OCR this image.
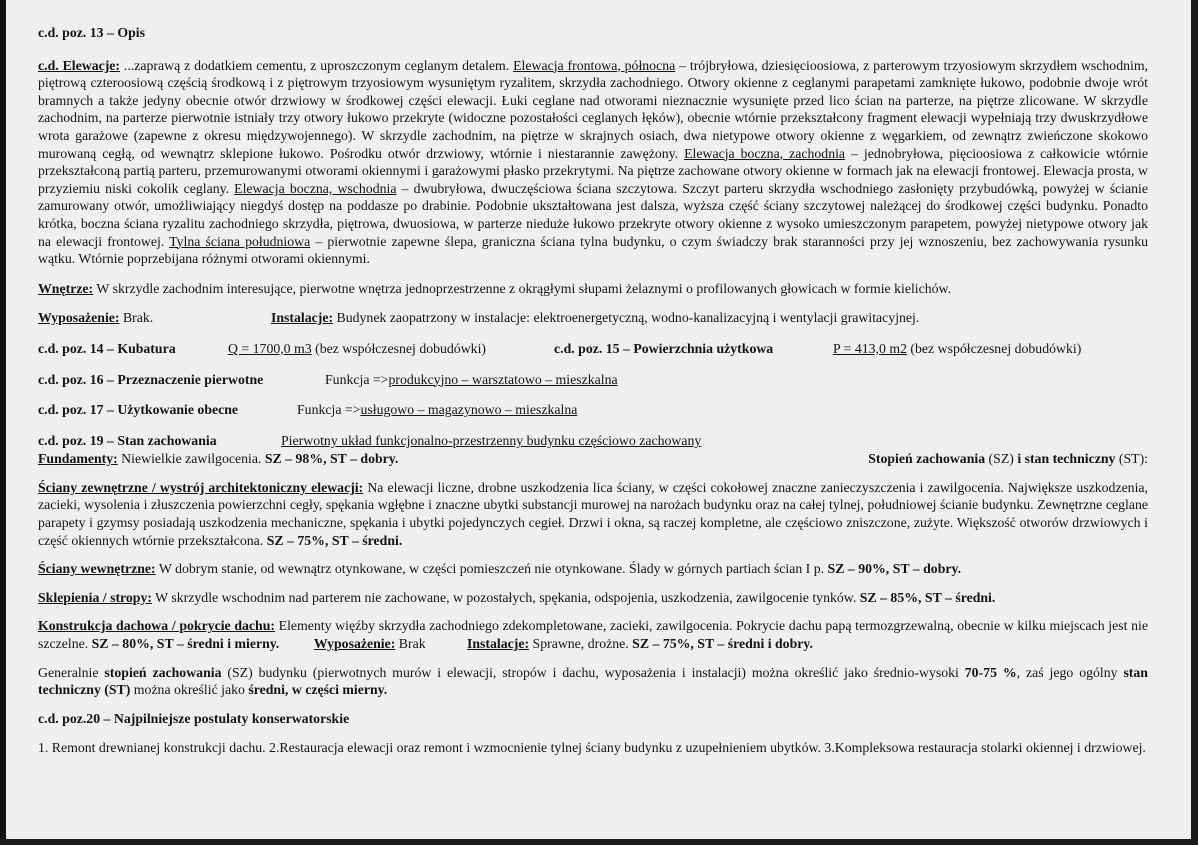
c.d. poz. 13 – Opis

c.d. Elewacje: ...zaprawą z dodatkiem cementu, z uproszczonym ceglanym detalem. Elewacja frontowa, północna – trójbryłowa, dziesięcioosiowa, z parterowym trzyosiowym skrzydłem wschodnim, piętrową czteroosiową częścią środkową i z piętrowym trzyosiowym wysuniętym ryzalitem, skrzydła zachodniego. Otwory okienne z ceglanymi parapetami zamknięte łukowo, podobnie dwoje wrót bramnych a także jedyny obecnie otwór drzwiowy w środkowej części elewacji. Łuki ceglane nad otworami nieznacznie wysunięte przed lico ścian na parterze, na piętrze zlicowane. W skrzydle zachodnim, na parterze pierwotnie istniały trzy otwory łukowo przekryte (widoczne pozostałości ceglanych łęków), obecnie wtórnie przekształcony fragment elewacji wypełniają trzy dwuskrzydłowe wrota garażowe (zapewne z okresu międzywojennego). W skrzydle zachodnim, na piętrze w skrajnych osiach, dwa nietypowe otwory okienne z węgarkiem, od zewnątrz zwieńczone skokowo murowaną cegłą, od wewnątrz sklepione łukowo. Pośrodku otwór drzwiowy, wtórnie i niestarannie zawężony. Elewacja boczna, zachodnia – jednobryłowa, pięcioosiowa z całkowicie wtórnie przekształconą partią parteru, przemurowanymi otworami okiennymi i garażowymi płasko przekrytymi. Na piętrze zachowane otwory okienne w formach jak na elewacji frontowej. Elewacja prosta, w przyziemiu niski cokolik ceglany. Elewacja boczna, wschodnia – dwubryłowa, dwuczęściowa ściana szczytowa. Szczyt parteru skrzydła wschodniego zasłonięty przybudówką, powyżej w ścianie zamurowany otwór, umożliwiający niegdyś dostęp na poddasze po drabinie. Podobnie ukształtowana jest dalsza, wyższa część ściany szczytowej należącej do środkowej części budynku. Ponadto krótka, boczna ściana ryzalitu zachodniego skrzydła, piętrowa, dwuosiowa, w parterze nieduże łukowo przekryte otwory okienne z wysoko umieszczonym parapetem, powyżej nietypowe otwory jak na elewacji frontowej. Tylna ściana południowa – pierwotnie zapewne ślepa, graniczna ściana tylna budynku, o czym świadczy brak staranności przy jej wznoszeniu, bez zachowywania rysunku wątku. Wtórnie poprzebijana różnymi otworami okiennymi.

Wnętrze: W skrzydle zachodnim interesujące, pierwotne wnętrza jednoprzestrzenne z okrągłymi słupami żelaznymi o profilowanych głowicach w formie kielichów.

Wyposażenie: Brak.	Instalacje: Budynek zaopatrzony w instalacje: elektroenergetyczną, wodno-kanalizacyjną i wentylacji grawitacyjnej.
c.d. poz. 14 – Kubatura	Q = 1700,0 m3 (bez współczesnej dobudówki)	c.d. poz. 15 – Powierzchnia użytkowa	P = 413,0 m2 (bez współczesnej dobudówki)
c.d. poz. 16 – Przeznaczenie pierwotne	Funkcja => produkcyjno – warsztatowo – mieszkalna
c.d. poz. 17 – Użytkowanie obecne	Funkcja => usługowo – magazynowo – mieszkalna
c.d. poz. 19 – Stan zachowania	Pierwotny układ funkcjonalno-przestrzenny budynku częściowo zachowany
Fundamenty: Niewielkie zawilgocenia. SZ – 98%, ST – dobry.	Stopień zachowania (SZ) i stan techniczny (ST):

Ściany zewnętrzne / wystrój architektoniczny elewacji: Na elewacji liczne, drobne uszkodzenia lica ściany, w części cokołowej znaczne zanieczyszczenia i zawilgocenia. Największe uszkodzenia, zacieki, wysolenia i złuszczenia powierzchni cegły, spękania wgłębne i znaczne ubytki substancji murowej na narożach budynku oraz na całej tylnej, południowej ścianie budynku. Zewnętrzne ceglane parapety i gzymsy posiadają uszkodzenia mechaniczne, spękania i ubytki pojedynczych cegieł. Drzwi i okna, są raczej kompletne, ale częściowo zniszczone, zużyte. Większość otworów drzwiowych i część okiennych wtórnie przekształcona. SZ – 75%, ST – średni.

Ściany wewnętrzne: W dobrym stanie, od wewnątrz otynkowane, w części pomieszczeń nie otynkowane. Ślady w górnych partiach ścian I p. SZ – 90%, ST – dobry.

Sklepienia / stropy: W skrzydle wschodnim nad parterem nie zachowane, w pozostałych, spękania, odspojenia, uszkodzenia, zawilgocenie tynków. SZ – 85%, ST – średni.

Konstrukcja dachowa / pokrycie dachu: Elementy więźby skrzydła zachodniego zdekompletowane, zacieki, zawilgocenia. Pokrycie dachu papą termozgrzewalną, obecnie w kilku miejscach jest nie szczelne. SZ – 80%, ST – średni i mierny.	Wyposażenie: Brak	Instalacje: Sprawne, drożne. SZ – 75%, ST – średni i dobry.

Generalnie stopień zachowania (SZ) budynku (pierwotnych murów i elewacji, stropów i dachu, wyposażenia i instalacji) można określić jako średnio-wysoki 70-75 %, zaś jego ogólny stan techniczny (ST) można określić jako średni, w części mierny.

c.d. poz.20 – Najpilniejsze postulaty konserwatorskie

1. Remont drewnianej konstrukcji dachu. 2.Restauracja elewacji oraz remont i wzmocnienie tylnej ściany budynku z uzupełnieniem ubytków. 3.Kompleksowa restauracja stolarki okiennej i drzwiowej.
